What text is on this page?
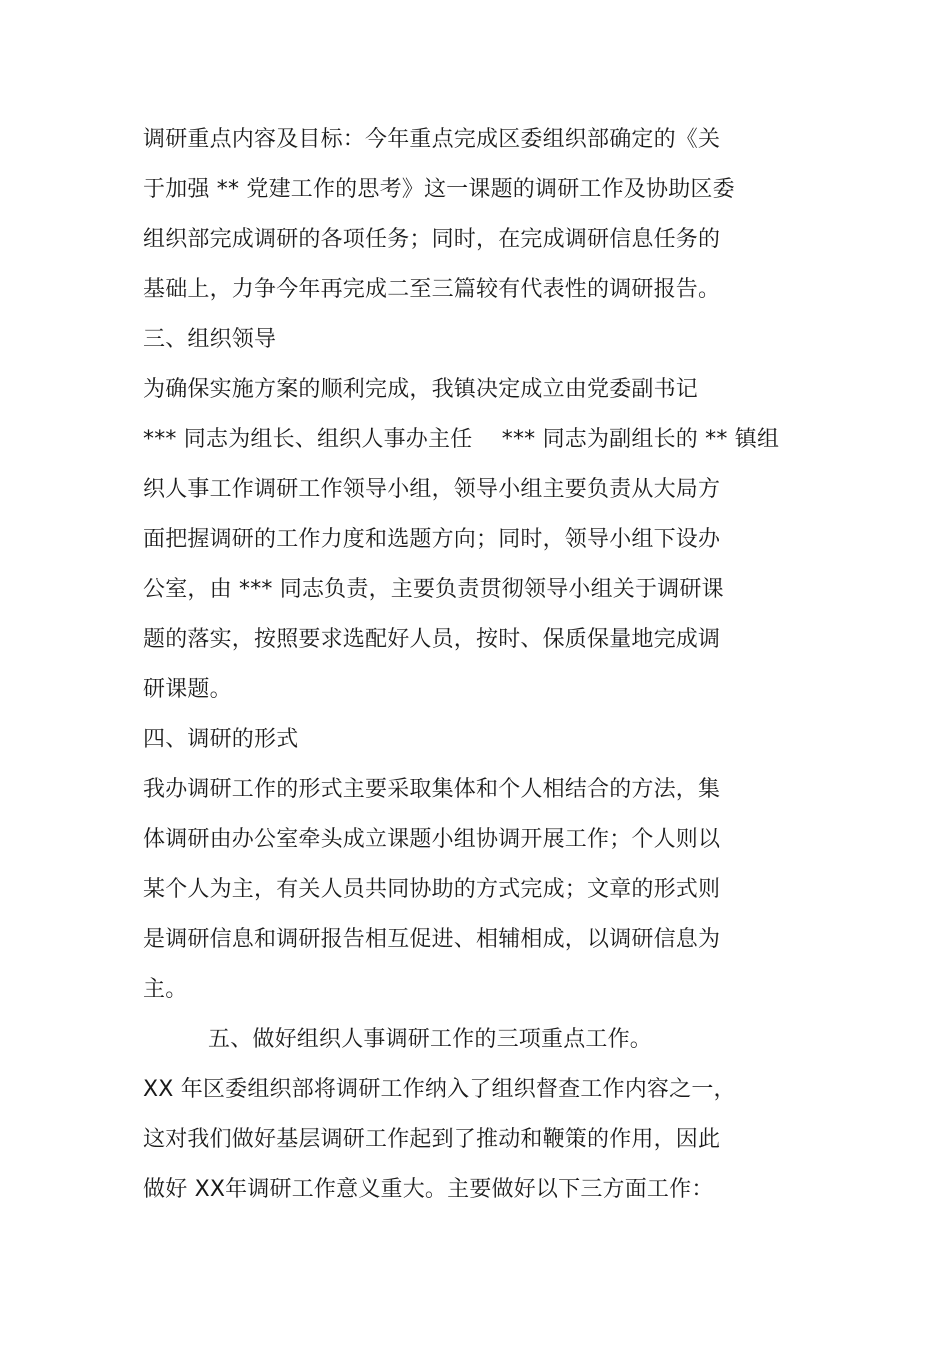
调研重点内容及目标：今年重点完成区委组织部确定的《关
于加强 ** 党建工作的思考》这一课题的调研工作及协助区委
组织部完成调研的各项任务；同时，在完成调研信息任务的
基础上，力争今年再完成二至三篇较有代表性的调研报告。
三、组织领导
为确保实施方案的顺利完成，我镇决定成立由党委副书记
*** 同志为组长、组织人事办主任　 *** 同志为副组长的 ** 镇组
织人事工作调研工作领导小组，领导小组主要负责从大局方
面把握调研的工作力度和选题方向；同时，领导小组下设办
公室，由 *** 同志负责，主要负责贯彻领导小组关于调研课
题的落实，按照要求选配好人员，按时、保质保量地完成调
研课题。
四、调研的形式
我办调研工作的形式主要采取集体和个人相结合的方法，集
体调研由办公室牵头成立课题小组协调开展工作；个人则以
某个人为主，有关人员共同协助的方式完成；文章的形式则
是调研信息和调研报告相互促进、相辅相成，以调研信息为
主。
五、做好组织人事调研工作的三项重点工作。
XX 年区委组织部将调研工作纳入了组织督查工作内容之一，
这对我们做好基层调研工作起到了推动和鞭策的作用，因此
做好 XX年调研工作意义重大。主要做好以下三方面工作：
